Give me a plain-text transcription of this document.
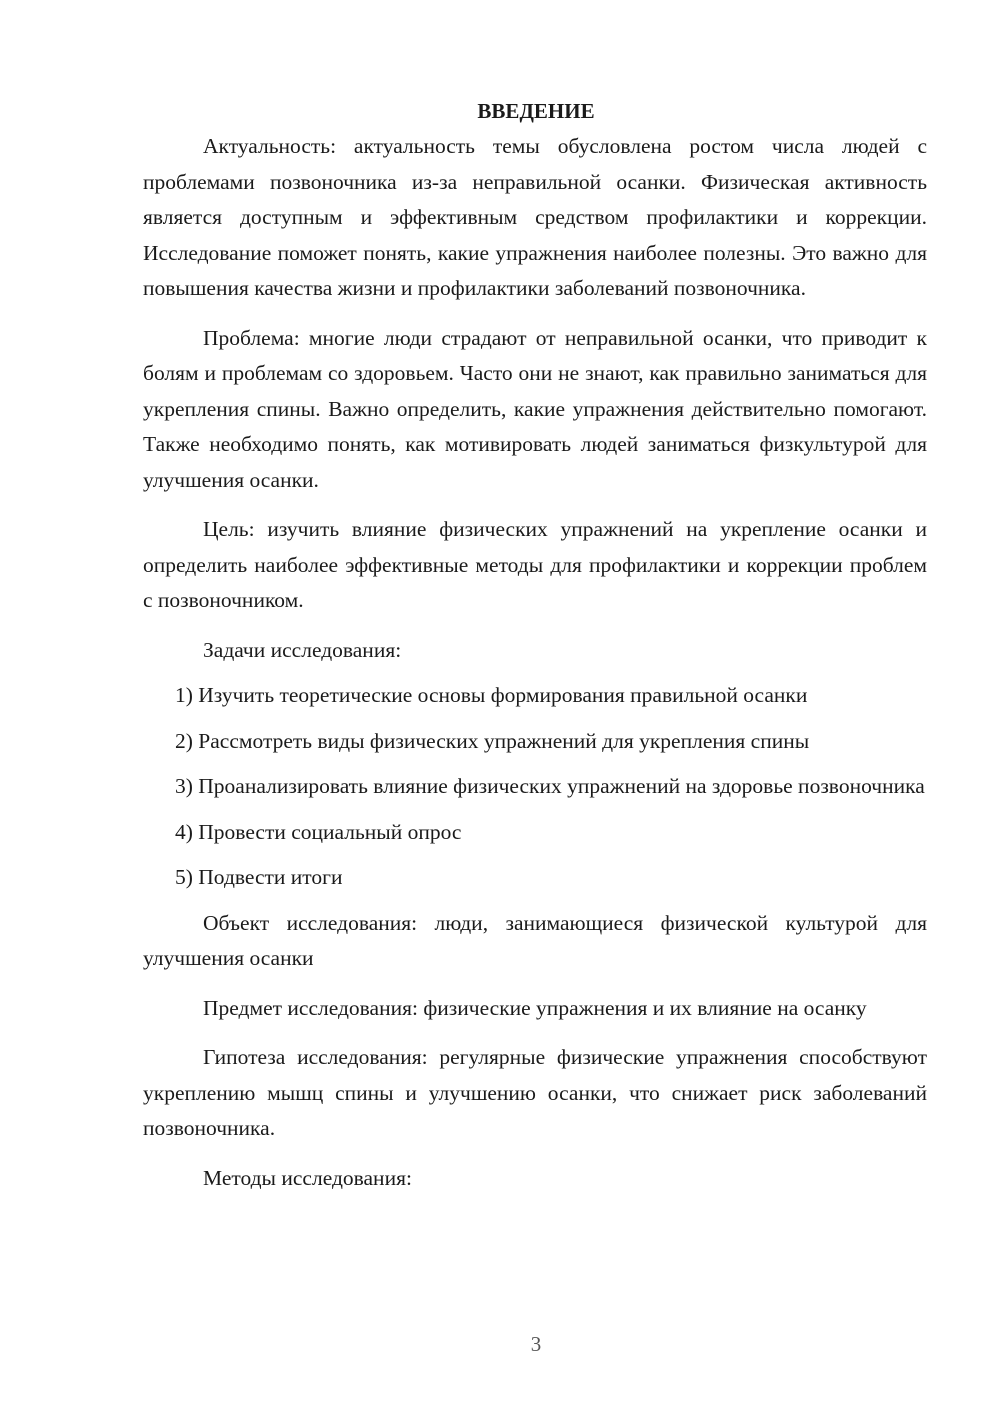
ВВЕДЕНИЕ

Актуальность: актуальность темы обусловлена ростом числа людей с проблемами позвоночника из-за неправильной осанки. Физическая активность является доступным и эффективным средством профилактики и коррекции. Исследование поможет понять, какие упражнения наиболее полезны. Это важно для повышения качества жизни и профилактики заболеваний позвоночника.

Проблема: многие люди страдают от неправильной осанки, что приводит к болям и проблемам со здоровьем. Часто они не знают, как правильно заниматься для укрепления спины. Важно определить, какие упражнения действительно помогают. Также необходимо понять, как мотивировать людей заниматься физкультурой для улучшения осанки.

Цель: изучить влияние физических упражнений на укрепление осанки и определить наиболее эффективные методы для профилактики и коррекции проблем с позвоночником.

Задачи исследования:

1) Изучить теоретические основы формирования правильной осанки

2) Рассмотреть виды физических упражнений для укрепления спины

3) Проанализировать влияние физических упражнений на здоровье позвоночника

4) Провести социальный опрос

5) Подвести итоги

Объект исследования: люди, занимающиеся физической культурой для улучшения осанки

Предмет исследования: физические упражнения и их влияние на осанку

Гипотеза исследования: регулярные физические упражнения способствуют укреплению мышц спины и улучшению осанки, что снижает риск заболеваний позвоночника.

Методы исследования:

3
